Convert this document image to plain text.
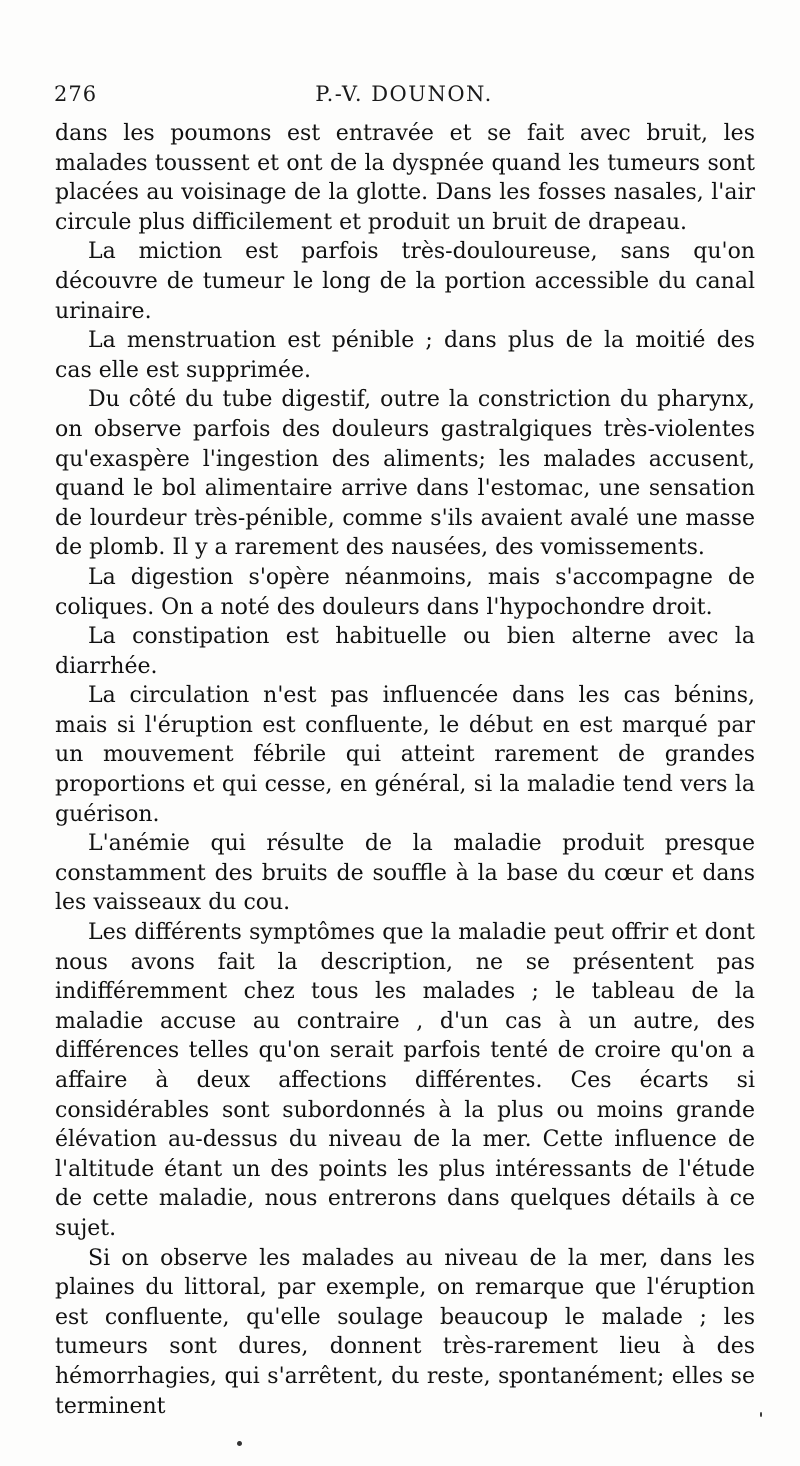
276	P.-V. DOUNON.

dans les poumons est entravée et se fait avec bruit, les malades toussent et ont de la dyspnée quand les tumeurs sont placées au voisinage de la glotte. Dans les fosses nasales, l'air circule plus difficilement et produit un bruit de drapeau.

La miction est parfois très-douloureuse, sans qu'on découvre de tumeur le long de la portion accessible du canal urinaire.

La menstruation est pénible ; dans plus de la moitié des cas elle est supprimée.

Du côté du tube digestif, outre la constriction du pharynx, on observe parfois des douleurs gastralgiques très-violentes qu'exaspère l'ingestion des aliments; les malades accusent, quand le bol alimentaire arrive dans l'estomac, une sensation de lourdeur très-pénible, comme s'ils avaient avalé une masse de plomb. Il y a rarement des nausées, des vomissements.

La digestion s'opère néanmoins, mais s'accompagne de coliques. On a noté des douleurs dans l'hypochondre droit.

La constipation est habituelle ou bien alterne avec la diarrhée.

La circulation n'est pas influencée dans les cas bénins, mais si l'éruption est confluente, le début en est marqué par un mouvement fébrile qui atteint rarement de grandes proportions et qui cesse, en général, si la maladie tend vers la guérison.

L'anémie qui résulte de la maladie produit presque constamment des bruits de souffle à la base du cœur et dans les vaisseaux du cou.

Les différents symptômes que la maladie peut offrir et dont nous avons fait la description, ne se présentent pas indifféremment chez tous les malades ; le tableau de la maladie accuse au contraire , d'un cas à un autre, des différences telles qu'on serait parfois tenté de croire qu'on a affaire à deux affections différentes. Ces écarts si considérables sont subordonnés à la plus ou moins grande élévation au-dessus du niveau de la mer. Cette influence de l'altitude étant un des points les plus intéressants de l'étude de cette maladie, nous entrerons dans quelques détails à ce sujet.

Si on observe les malades au niveau de la mer, dans les plaines du littoral, par exemple, on remarque que l'éruption est confluente, qu'elle soulage beaucoup le malade ; les tumeurs sont dures, donnent très-rarement lieu à des hémorrhagies, qui s'arrêtent, du reste, spontanément; elles se terminent
